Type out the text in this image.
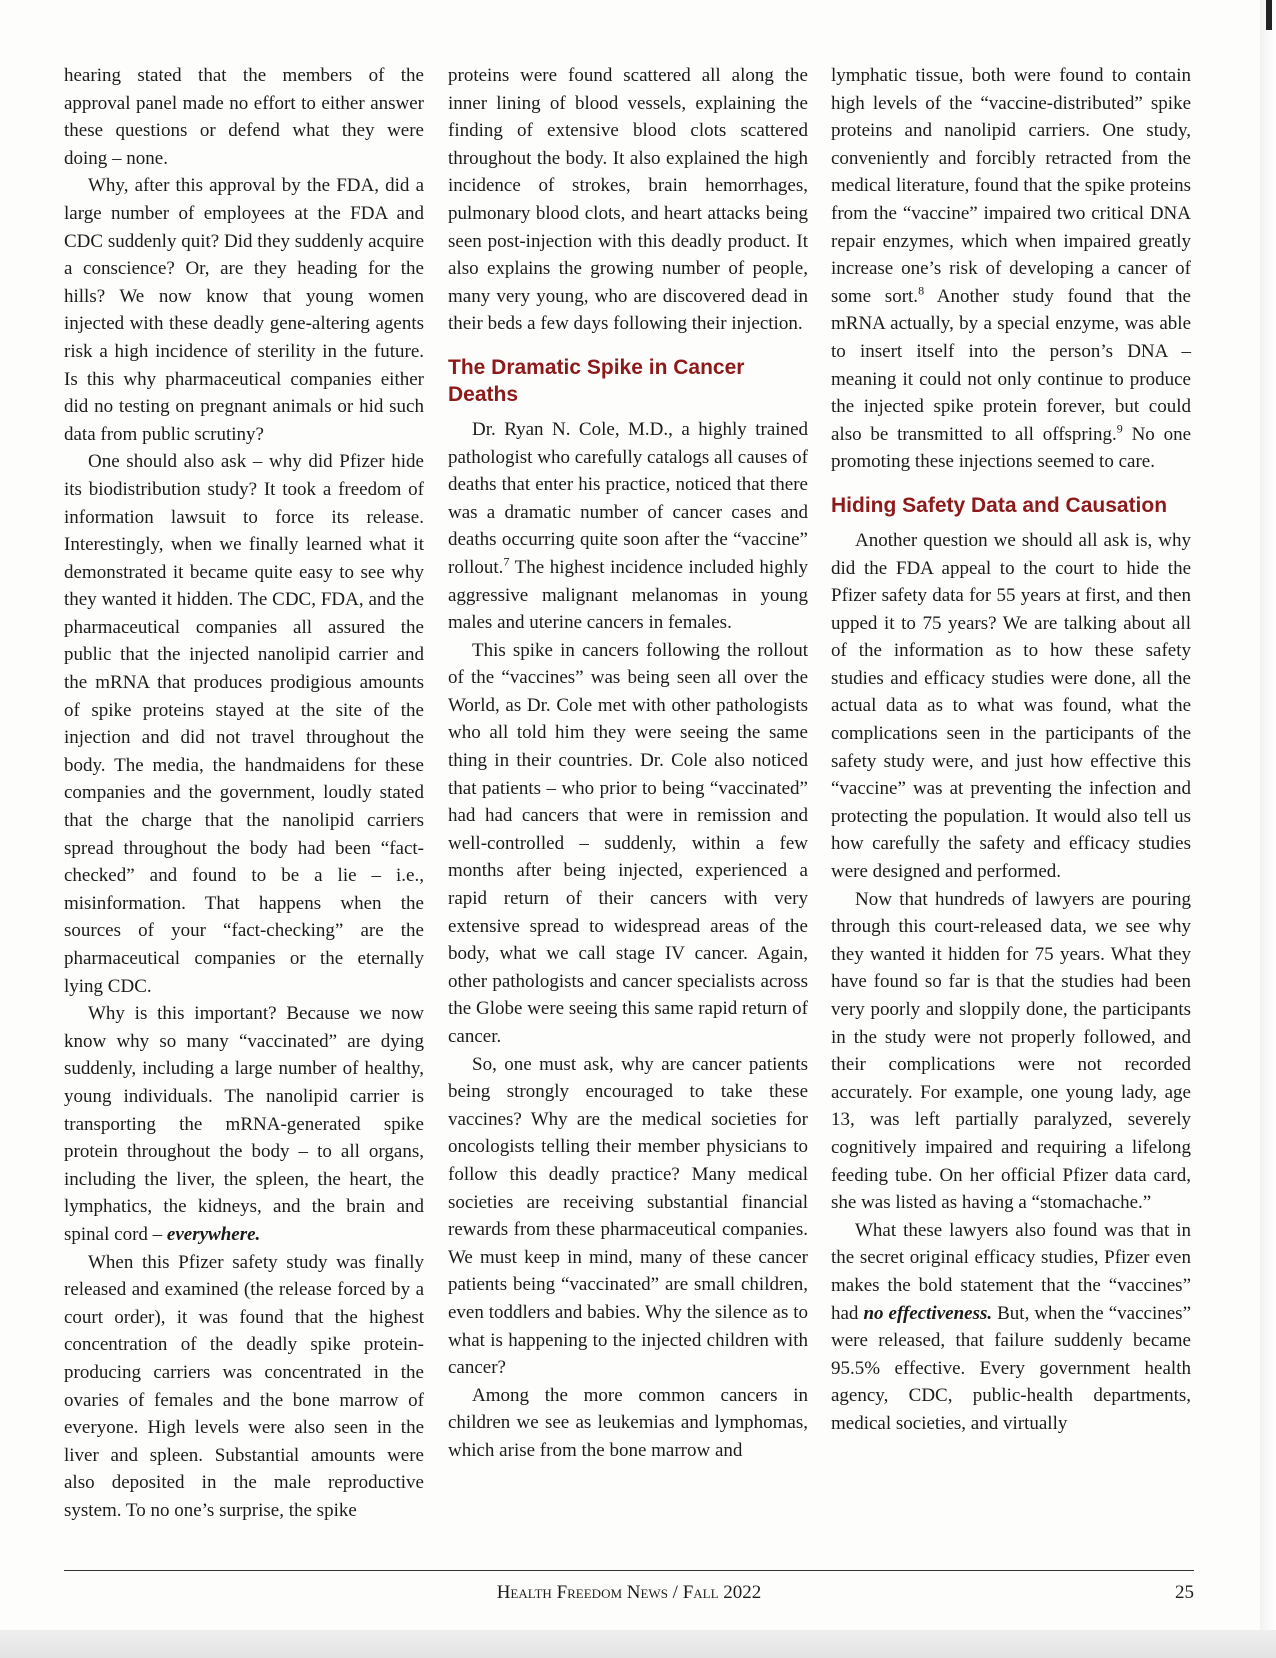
hearing stated that the members of the approval panel made no effort to either answer these questions or defend what they were doing – none.

Why, after this approval by the FDA, did a large number of employees at the FDA and CDC suddenly quit? Did they suddenly acquire a conscience? Or, are they heading for the hills? We now know that young women injected with these deadly gene-altering agents risk a high incidence of sterility in the future. Is this why pharmaceutical companies either did no testing on pregnant animals or hid such data from public scrutiny?

One should also ask – why did Pfizer hide its biodistribution study? It took a freedom of information lawsuit to force its release. Interestingly, when we finally learned what it demonstrated it became quite easy to see why they wanted it hidden. The CDC, FDA, and the pharmaceutical companies all assured the public that the injected nanolipid carrier and the mRNA that produces prodigious amounts of spike proteins stayed at the site of the injection and did not travel throughout the body. The media, the handmaidens for these companies and the government, loudly stated that the charge that the nanolipid carriers spread throughout the body had been “fact-checked” and found to be a lie – i.e., misinformation. That happens when the sources of your “fact-checking” are the pharmaceutical companies or the eternally lying CDC.

Why is this important? Because we now know why so many “vaccinated” are dying suddenly, including a large number of healthy, young individuals. The nanolipid carrier is transporting the mRNA-generated spike protein throughout the body – to all organs, including the liver, the spleen, the heart, the lymphatics, the kidneys, and the brain and spinal cord – everywhere.

When this Pfizer safety study was finally released and examined (the release forced by a court order), it was found that the highest concentration of the deadly spike protein-producing carriers was concentrated in the ovaries of females and the bone marrow of everyone. High levels were also seen in the liver and spleen. Substantial amounts were also deposited in the male reproductive system. To no one’s surprise, the spike

proteins were found scattered all along the inner lining of blood vessels, explaining the finding of extensive blood clots scattered throughout the body. It also explained the high incidence of strokes, brain hemorrhages, pulmonary blood clots, and heart attacks being seen post-injection with this deadly product. It also explains the growing number of people, many very young, who are discovered dead in their beds a few days following their injection.

The Dramatic Spike in Cancer Deaths

Dr. Ryan N. Cole, M.D., a highly trained pathologist who carefully catalogs all causes of deaths that enter his practice, noticed that there was a dramatic number of cancer cases and deaths occurring quite soon after the “vaccine” rollout.$^7$ The highest incidence included highly aggressive malignant melanomas in young males and uterine cancers in females.

This spike in cancers following the rollout of the “vaccines” was being seen all over the World, as Dr. Cole met with other pathologists who all told him they were seeing the same thing in their countries. Dr. Cole also noticed that patients – who prior to being “vaccinated” had had cancers that were in remission and well-controlled – suddenly, within a few months after being injected, experienced a rapid return of their cancers with very extensive spread to widespread areas of the body, what we call stage IV cancer. Again, other pathologists and cancer specialists across the Globe were seeing this same rapid return of cancer.

So, one must ask, why are cancer patients being strongly encouraged to take these vaccines? Why are the medical societies for oncologists telling their member physicians to follow this deadly practice? Many medical societies are receiving substantial financial rewards from these pharmaceutical companies. We must keep in mind, many of these cancer patients being “vaccinated” are small children, even toddlers and babies. Why the silence as to what is happening to the injected children with cancer?

Among the more common cancers in children we see as leukemias and lymphomas, which arise from the bone marrow and

lymphatic tissue, both were found to contain high levels of the “vaccine-distributed” spike proteins and nanolipid carriers. One study, conveniently and forcibly retracted from the medical literature, found that the spike proteins from the “vaccine” impaired two critical DNA repair enzymes, which when impaired greatly increase one’s risk of developing a cancer of some sort.$^8$ Another study found that the mRNA actually, by a special enzyme, was able to insert itself into the person’s DNA – meaning it could not only continue to produce the injected spike protein forever, but could also be transmitted to all offspring.$^9$ No one promoting these injections seemed to care.

Hiding Safety Data and Causation

Another question we should all ask is, why did the FDA appeal to the court to hide the Pfizer safety data for 55 years at first, and then upped it to 75 years? We are talking about all of the information as to how these safety studies and efficacy studies were done, all the actual data as to what was found, what the complications seen in the participants of the safety study were, and just how effective this “vaccine” was at preventing the infection and protecting the population. It would also tell us how carefully the safety and efficacy studies were designed and performed.

Now that hundreds of lawyers are pouring through this court-released data, we see why they wanted it hidden for 75 years. What they have found so far is that the studies had been very poorly and sloppily done, the participants in the study were not properly followed, and their complications were not recorded accurately. For example, one young lady, age 13, was left partially paralyzed, severely cognitively impaired and requiring a lifelong feeding tube. On her official Pfizer data card, she was listed as having a “stomachache.”

What these lawyers also found was that in the secret original efficacy studies, Pfizer even makes the bold statement that the “vaccines” had no effectiveness. But, when the “vaccines” were released, that failure suddenly became 95.5% effective. Every government health agency, CDC, public-health departments, medical societies, and virtually

Health Freedom News / Fall 2022	25
